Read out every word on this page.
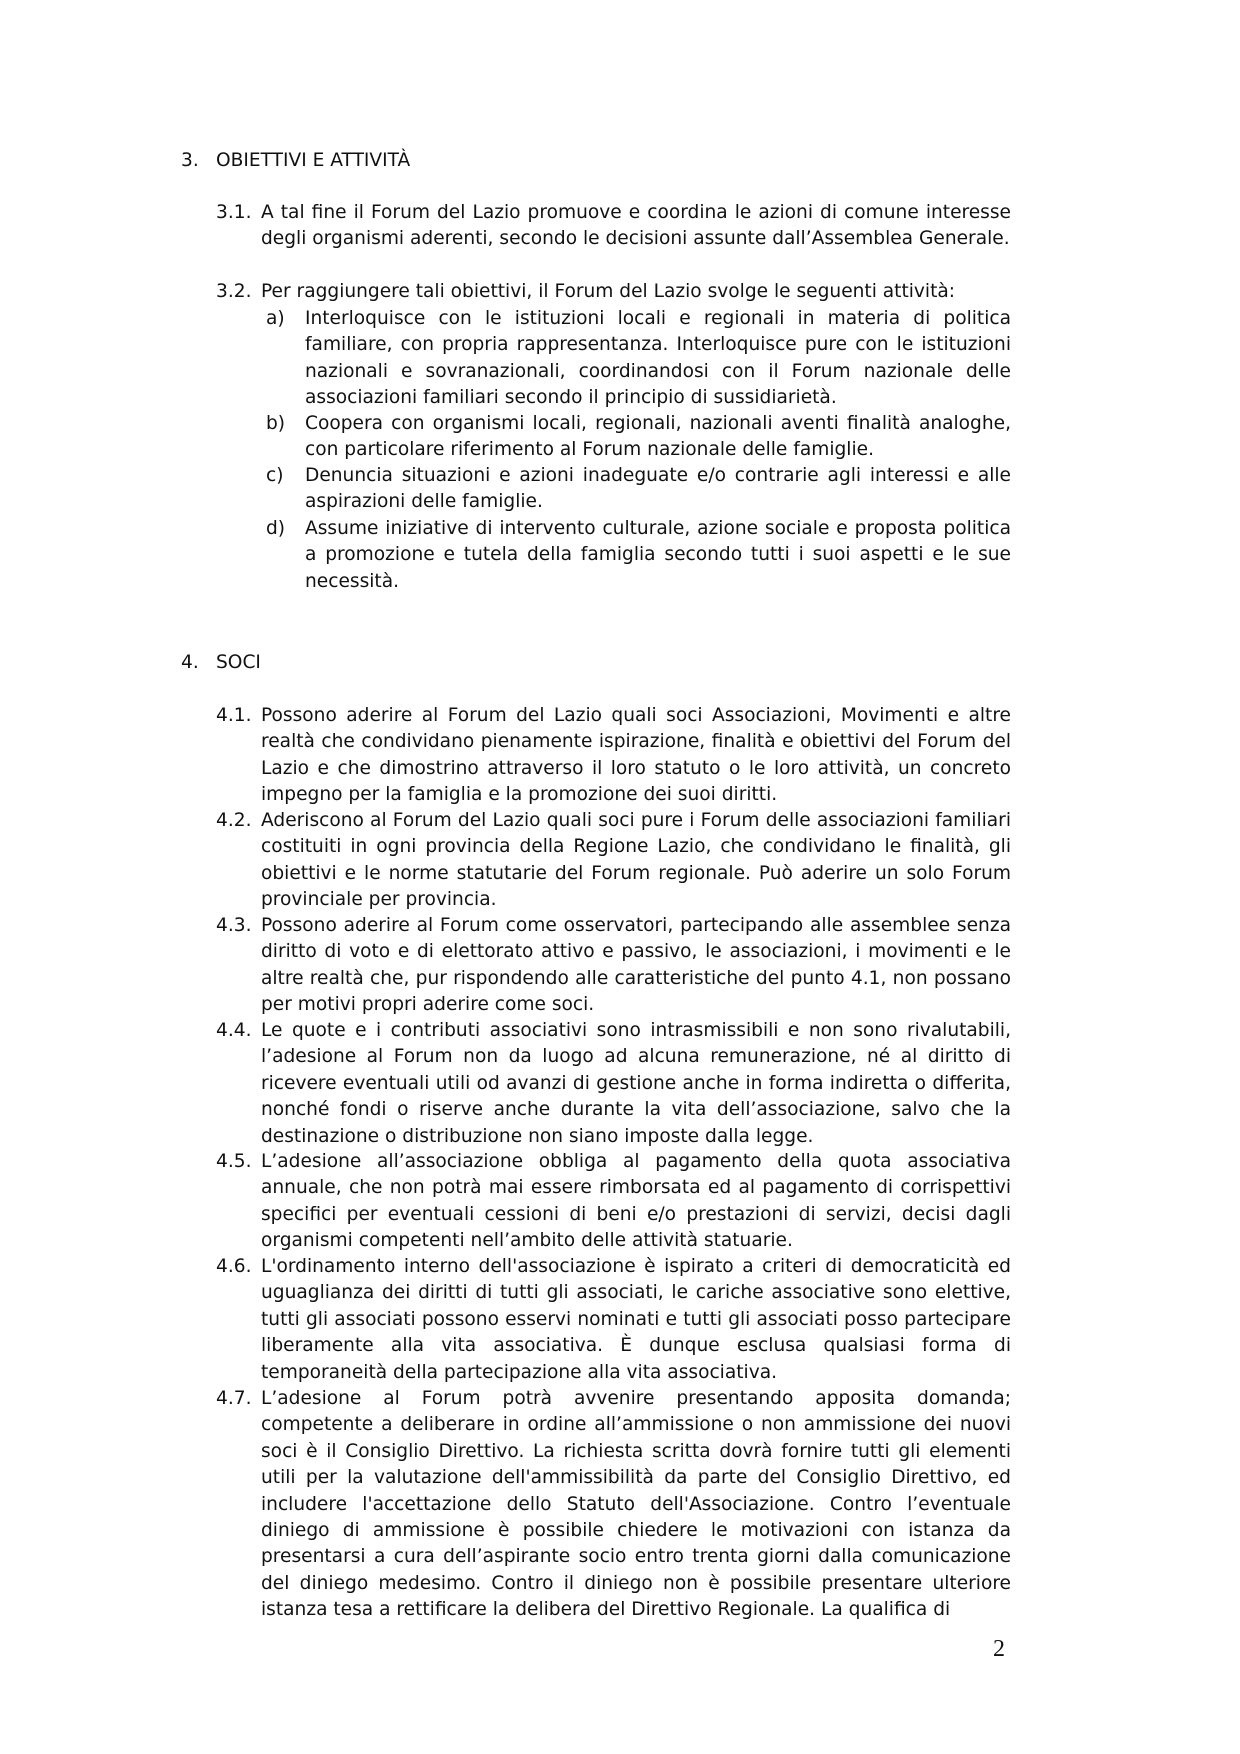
3. OBIETTIVI E ATTIVITÀ
3.1. A tal fine il Forum del Lazio promuove e coordina le azioni di comune interesse degli organismi aderenti, secondo le decisioni assunte dall’Assemblea Generale.
3.2. Per raggiungere tali obiettivi, il Forum del Lazio svolge le seguenti attività:
a) Interloquisce con le istituzioni locali e regionali in materia di politica familiare, con propria rappresentanza. Interloquisce pure con le istituzioni nazionali e sovranazionali, coordinandosi con il Forum nazionale delle associazioni familiari secondo il principio di sussidiarietà.
b) Coopera con organismi locali, regionali, nazionali aventi finalità analoghe, con particolare riferimento al Forum nazionale delle famiglie.
c) Denuncia situazioni e azioni inadeguate e/o contrarie agli interessi e alle aspirazioni delle famiglie.
d) Assume iniziative di intervento culturale, azione sociale e proposta politica a promozione e tutela della famiglia secondo tutti i suoi aspetti e le sue necessità.
4. SOCI
4.1. Possono aderire al Forum del Lazio quali soci Associazioni, Movimenti e altre realtà che condividano pienamente ispirazione, finalità e obiettivi del Forum del Lazio e che dimostrino attraverso il loro statuto o le loro attività, un concreto impegno per la famiglia e la promozione dei suoi diritti.
4.2. Aderiscono al Forum del Lazio quali soci pure i Forum delle associazioni familiari costituiti in ogni provincia della Regione Lazio, che condividano le finalità, gli obiettivi e le norme statutarie del Forum regionale. Può aderire un solo Forum provinciale per provincia.
4.3. Possono aderire al Forum come osservatori, partecipando alle assemblee senza diritto di voto e di elettorato attivo e passivo, le associazioni, i movimenti e le altre realtà che, pur rispondendo alle caratteristiche del punto 4.1, non possano per motivi propri aderire come soci.
4.4. Le quote e i contributi associativi sono intrasmissibili e non sono rivalutabili, l’adesione al Forum non da luogo ad alcuna remunerazione, né al diritto di ricevere eventuali utili od avanzi di gestione anche in forma indiretta o differita, nonché fondi o riserve anche durante la vita dell’associazione, salvo che la destinazione o distribuzione non siano imposte dalla legge.
4.5. L’adesione all’associazione obbliga al pagamento della quota associativa annuale, che non potrà mai essere rimborsata ed al pagamento di corrispettivi specifici per eventuali cessioni di beni e/o prestazioni di servizi, decisi dagli organismi competenti nell’ambito delle attività statuarie.
4.6. L'ordinamento interno dell'associazione è ispirato a criteri di democraticità ed uguaglianza dei diritti di tutti gli associati, le cariche associative sono elettive, tutti gli associati possono esservi nominati e tutti gli associati posso partecipare liberamente alla vita associativa. È dunque esclusa qualsiasi forma di temporaneità della partecipazione alla vita associativa.
4.7. L’adesione al Forum potrà avvenire presentando apposita domanda; competente a deliberare in ordine all’ammissione o non ammissione dei nuovi soci è il Consiglio Direttivo. La richiesta scritta dovrà fornire tutti gli elementi utili per la valutazione dell'ammissibilità da parte del Consiglio Direttivo, ed includere l'accettazione dello Statuto dell'Associazione. Contro l’eventuale diniego di ammissione è possibile chiedere le motivazioni con istanza da presentarsi a cura dell’aspirante socio entro trenta giorni dalla comunicazione del diniego medesimo. Contro il diniego non è possibile presentare ulteriore istanza tesa a rettificare la delibera del Direttivo Regionale. La qualifica di
2
